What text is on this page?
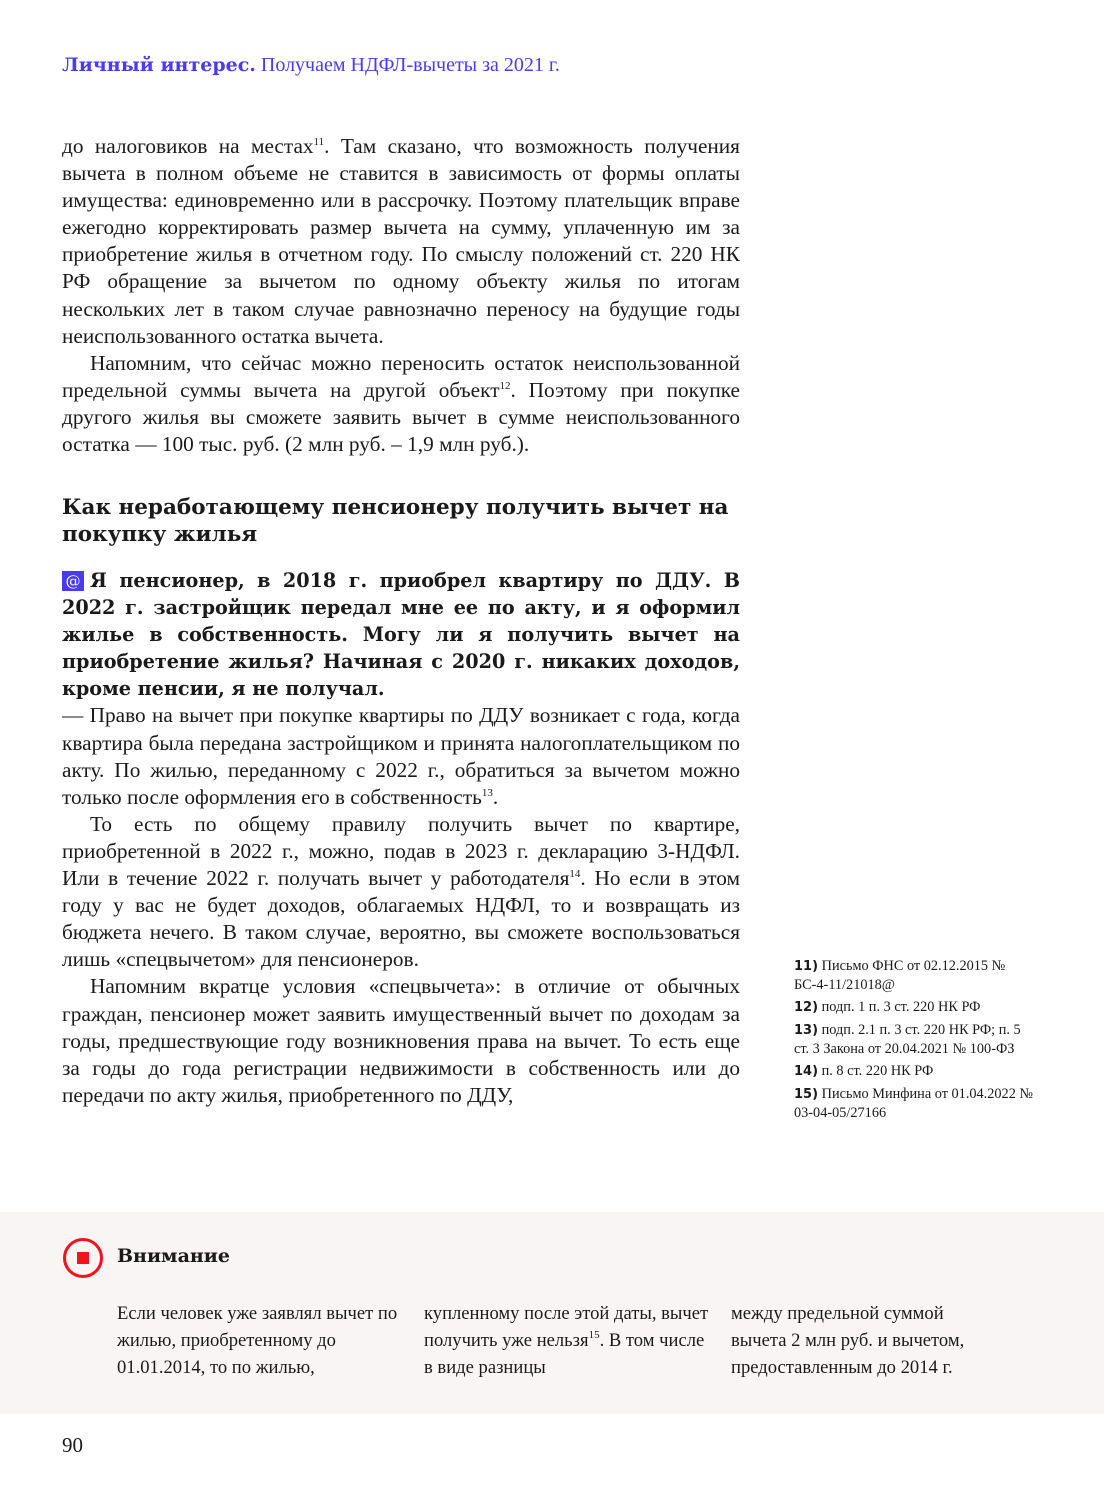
Личный интерес. Получаем НДФЛ-вычеты за 2021 г.

до налоговиков на местах$^{11}$. Там сказано, что возможность получения вычета в полном объеме не ставится в зависимость от формы оплаты имущества: единовременно или в рассрочку. Поэтому плательщик вправе ежегодно корректировать размер вычета на сумму, уплаченную им за приобретение жилья в отчетном году. По смыслу положений ст. 220 НК РФ обращение за вычетом по одному объекту жилья по итогам нескольких лет в таком случае равнозначно переносу на будущие годы неиспользованного остатка вычета.

Напомним, что сейчас можно переносить остаток неиспользованной предельной суммы вычета на другой объект$^{12}$. Поэтому при покупке другого жилья вы сможете заявить вычет в сумме неиспользованного остатка — 100 тыс. руб. (2 млн руб. – 1,9 млн руб.).

Как неработающему пенсионеру получить вычет на покупку жилья

@ Я пенсионер, в 2018 г. приобрел квартиру по ДДУ. В 2022 г. застройщик передал мне ее по акту, и я оформил жилье в собственность. Могу ли я получить вычет на приобретение жилья? Начиная с 2020 г. никаких доходов, кроме пенсии, я не получал.

— Право на вычет при покупке квартиры по ДДУ возникает с года, когда квартира была передана застройщиком и принята налогоплательщиком по акту. По жилью, переданному с 2022 г., обратиться за вычетом можно только после оформления его в собственность$^{13}$.

То есть по общему правилу получить вычет по квартире, приобретенной в 2022 г., можно, подав в 2023 г. декларацию 3-НДФЛ. Или в течение 2022 г. получать вычет у работодателя$^{14}$. Но если в этом году у вас не будет доходов, облагаемых НДФЛ, то и возвращать из бюджета нечего. В таком случае, вероятно, вы сможете воспользоваться лишь «спецвычетом» для пенсионеров.

Напомним вкратце условия «спецвычета»: в отличие от обычных граждан, пенсионер может заявить имущественный вычет по доходам за годы, предшествующие году возникновения права на вычет. То есть еще за годы до года регистрации недвижимости в собственность или до передачи по акту жилья, приобретенного по ДДУ,

11) Письмо ФНС от 02.12.2015 № БС-4-11/21018@
12) подп. 1 п. 3 ст. 220 НК РФ
13) подп. 2.1 п. 3 ст. 220 НК РФ; п. 5 ст. 3 Закона от 20.04.2021 № 100-ФЗ
14) п. 8 ст. 220 НК РФ
15) Письмо Минфина от 01.04.2022 № 03-04-05/27166
Внимание
Если человек уже заявлял вычет по жилью, приобретенному до 01.01.2014, то по жилью,
купленному после этой даты, вычет получить уже нельзя$^{15}$. В том числе в виде разницы
между предельной суммой вычета 2 млн руб. и вычетом, предоставленным до 2014 г.
90
